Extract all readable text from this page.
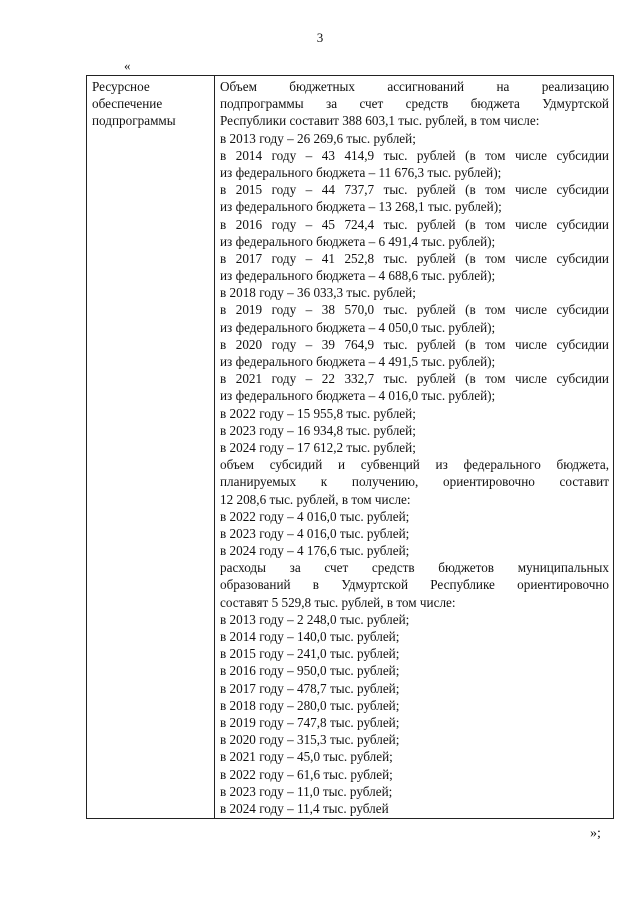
3
«
Ресурсное обеспечение подпрограммы

Объем бюджетных ассигнований на реализацию
подпрограммы за счет средств бюджета Удмуртской
Республики составит 388 603,1 тыс. рублей, в том числе:
в 2013 году – 26 269,6 тыс. рублей;
в 2014 году – 43 414,9 тыс. рублей (в том числе субсидии
из федерального бюджета – 11 676,3 тыс. рублей);
в 2015 году – 44 737,7 тыс. рублей (в том числе субсидии
из федерального бюджета – 13 268,1 тыс. рублей);
в 2016 году – 45 724,4 тыс. рублей (в том числе субсидии
из федерального бюджета – 6 491,4 тыс. рублей);
в 2017 году – 41 252,8 тыс. рублей (в том числе субсидии
из федерального бюджета – 4 688,6 тыс. рублей);
в 2018 году – 36 033,3 тыс. рублей;
в 2019 году – 38 570,0 тыс. рублей (в том числе субсидии
из федерального бюджета – 4 050,0 тыс. рублей);
в 2020 году – 39 764,9 тыс. рублей (в том числе субсидии
из федерального бюджета – 4 491,5 тыс. рублей);
в 2021 году – 22 332,7 тыс. рублей (в том числе субсидии
из федерального бюджета – 4 016,0 тыс. рублей);
в 2022 году – 15 955,8 тыс. рублей;
в 2023 году – 16 934,8 тыс. рублей;
в 2024 году – 17 612,2 тыс. рублей;
объем субсидий и субвенций из федерального бюджета,
планируемых к получению, ориентировочно составит
12 208,6 тыс. рублей, в том числе:
в 2022 году – 4 016,0 тыс. рублей;
в 2023 году – 4 016,0 тыс. рублей;
в 2024 году – 4 176,6 тыс. рублей;
расходы за счет средств бюджетов муниципальных
образований в Удмуртской Республике ориентировочно
составят 5 529,8 тыс. рублей, в том числе:
в 2013 году – 2 248,0 тыс. рублей;
в 2014 году – 140,0 тыс. рублей;
в 2015 году – 241,0 тыс. рублей;
в 2016 году – 950,0 тыс. рублей;
в 2017 году – 478,7 тыс. рублей;
в 2018 году – 280,0 тыс. рублей;
в 2019 году – 747,8 тыс. рублей;
в 2020 году – 315,3 тыс. рублей;
в 2021 году – 45,0 тыс. рублей;
в 2022 году – 61,6 тыс. рублей;
в 2023 году – 11,0 тыс. рублей;
в 2024 году – 11,4 тыс. рублей
»;
